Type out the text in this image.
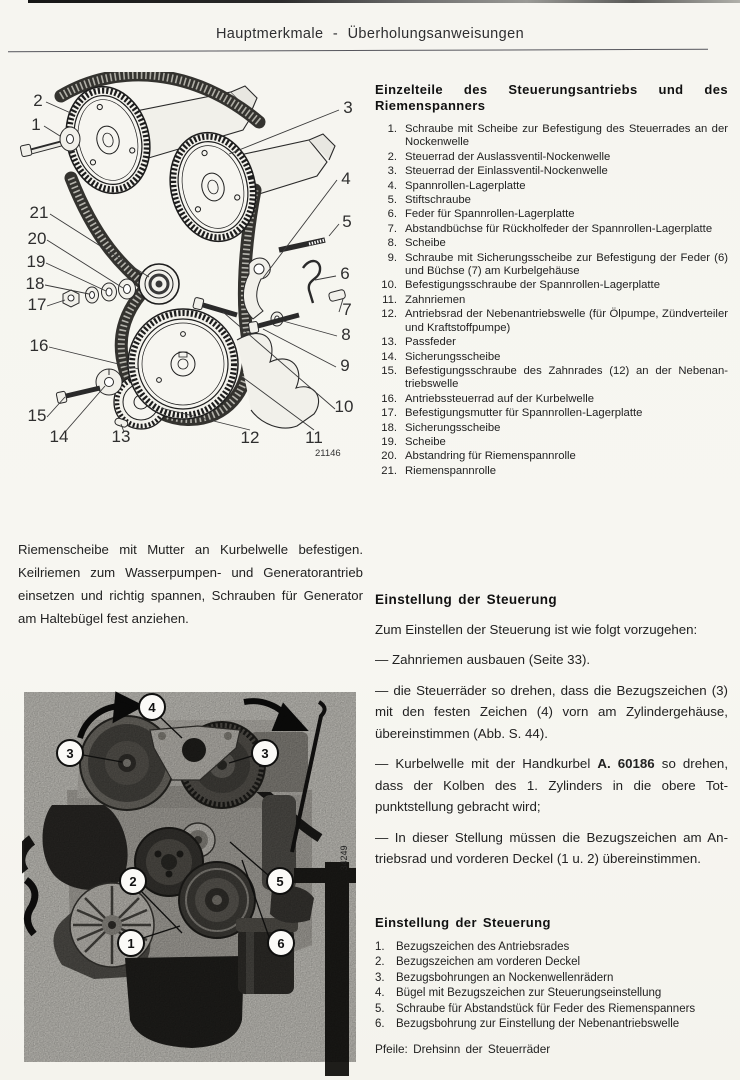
Hauptmerkmale - Überholungsanweisungen
2
1
21
20
19
18
17
16
15
14	13
3
4
5
6
7
8
9
10
12	11
21146
Einzelteile des Steuerungsantriebs und des Riemenspanners
1. Schraube mit Scheibe zur Befestigung des Steuerrades an der Nockenwelle
2. Steuerrad der Auslassventil-Nockenwelle
3. Steuerrad der Einlassventil-Nockenwelle
4. Spannrollen-Lagerplatte
5. Stiftschraube
6. Feder für Spannrollen-Lagerplatte
7. Abstandbüchse für Rückholfeder der Spannrollen-Lagerplatte
8. Scheibe
9. Schraube mit Sicherungsscheibe zur Befestigung der Feder (6) und Büchse (7) am Kurbelgehäuse
10. Befestigungsschraube der Spannrollen-Lagerplatte
11. Zahnriemen
12. Antriebsrad der Nebenantriebswelle (für Ölpumpe, Zündverteiler und Kraftstoffpumpe)
13. Passfeder
14. Sicherungsscheibe
15. Befestigungsschraube des Zahnrades (12) an der Nebenantriebswelle
16. Antriebssteuerrad auf der Kurbelwelle
17. Befestigungsmutter für Spannrollen-Lagerplatte
18. Sicherungsscheibe
19. Scheibe
20. Abstandring für Riemenspannrolle
21. Riemenspannrolle
Riemenscheibe mit Mutter an Kurbelwelle befestigen. Keilriemen zum Wasserpumpen- und Generatorantrieb einsetzen und richtig spannen, Schrauben für Generator am Haltebügel fest anziehen.
Einstellung der Steuerung

Zum Einstellen der Steuerung ist wie folgt vorzugehen:

— Zahnriemen ausbauen (Seite 33).

— die Steuerräder so drehen, dass die Bezugszeichen (3) mit den festen Zeichen (4) vorn am Zylindergehäuse, übereinstimmen (Abb. S. 44).

— Kurbelwelle mit der Handkurbel A. 60186 so drehen, dass der Kolben des 1. Zylinders in die obere Totpunktstellung gebracht wird;

— In dieser Stellung müssen die Bezugszeichen am Antriebsrad und vorderen Deckel (1 u. 2) übereinstimmen.

4
3	3
2	5
1	6
34249
Einstellung der Steuerung
1. Bezugszeichen des Antriebsrades
2. Bezugszeichen am vorderen Deckel
3. Bezugsbohrungen an Nockenwellenrädern
4. Bügel mit Bezugszeichen zur Steuerungseinstellung
5. Schraube für Abstandstück für Feder des Riemenspanners
6. Bezugsbohrung zur Einstellung der Nebenantriebswelle
Pfeile: Drehsinn der Steuerräder
